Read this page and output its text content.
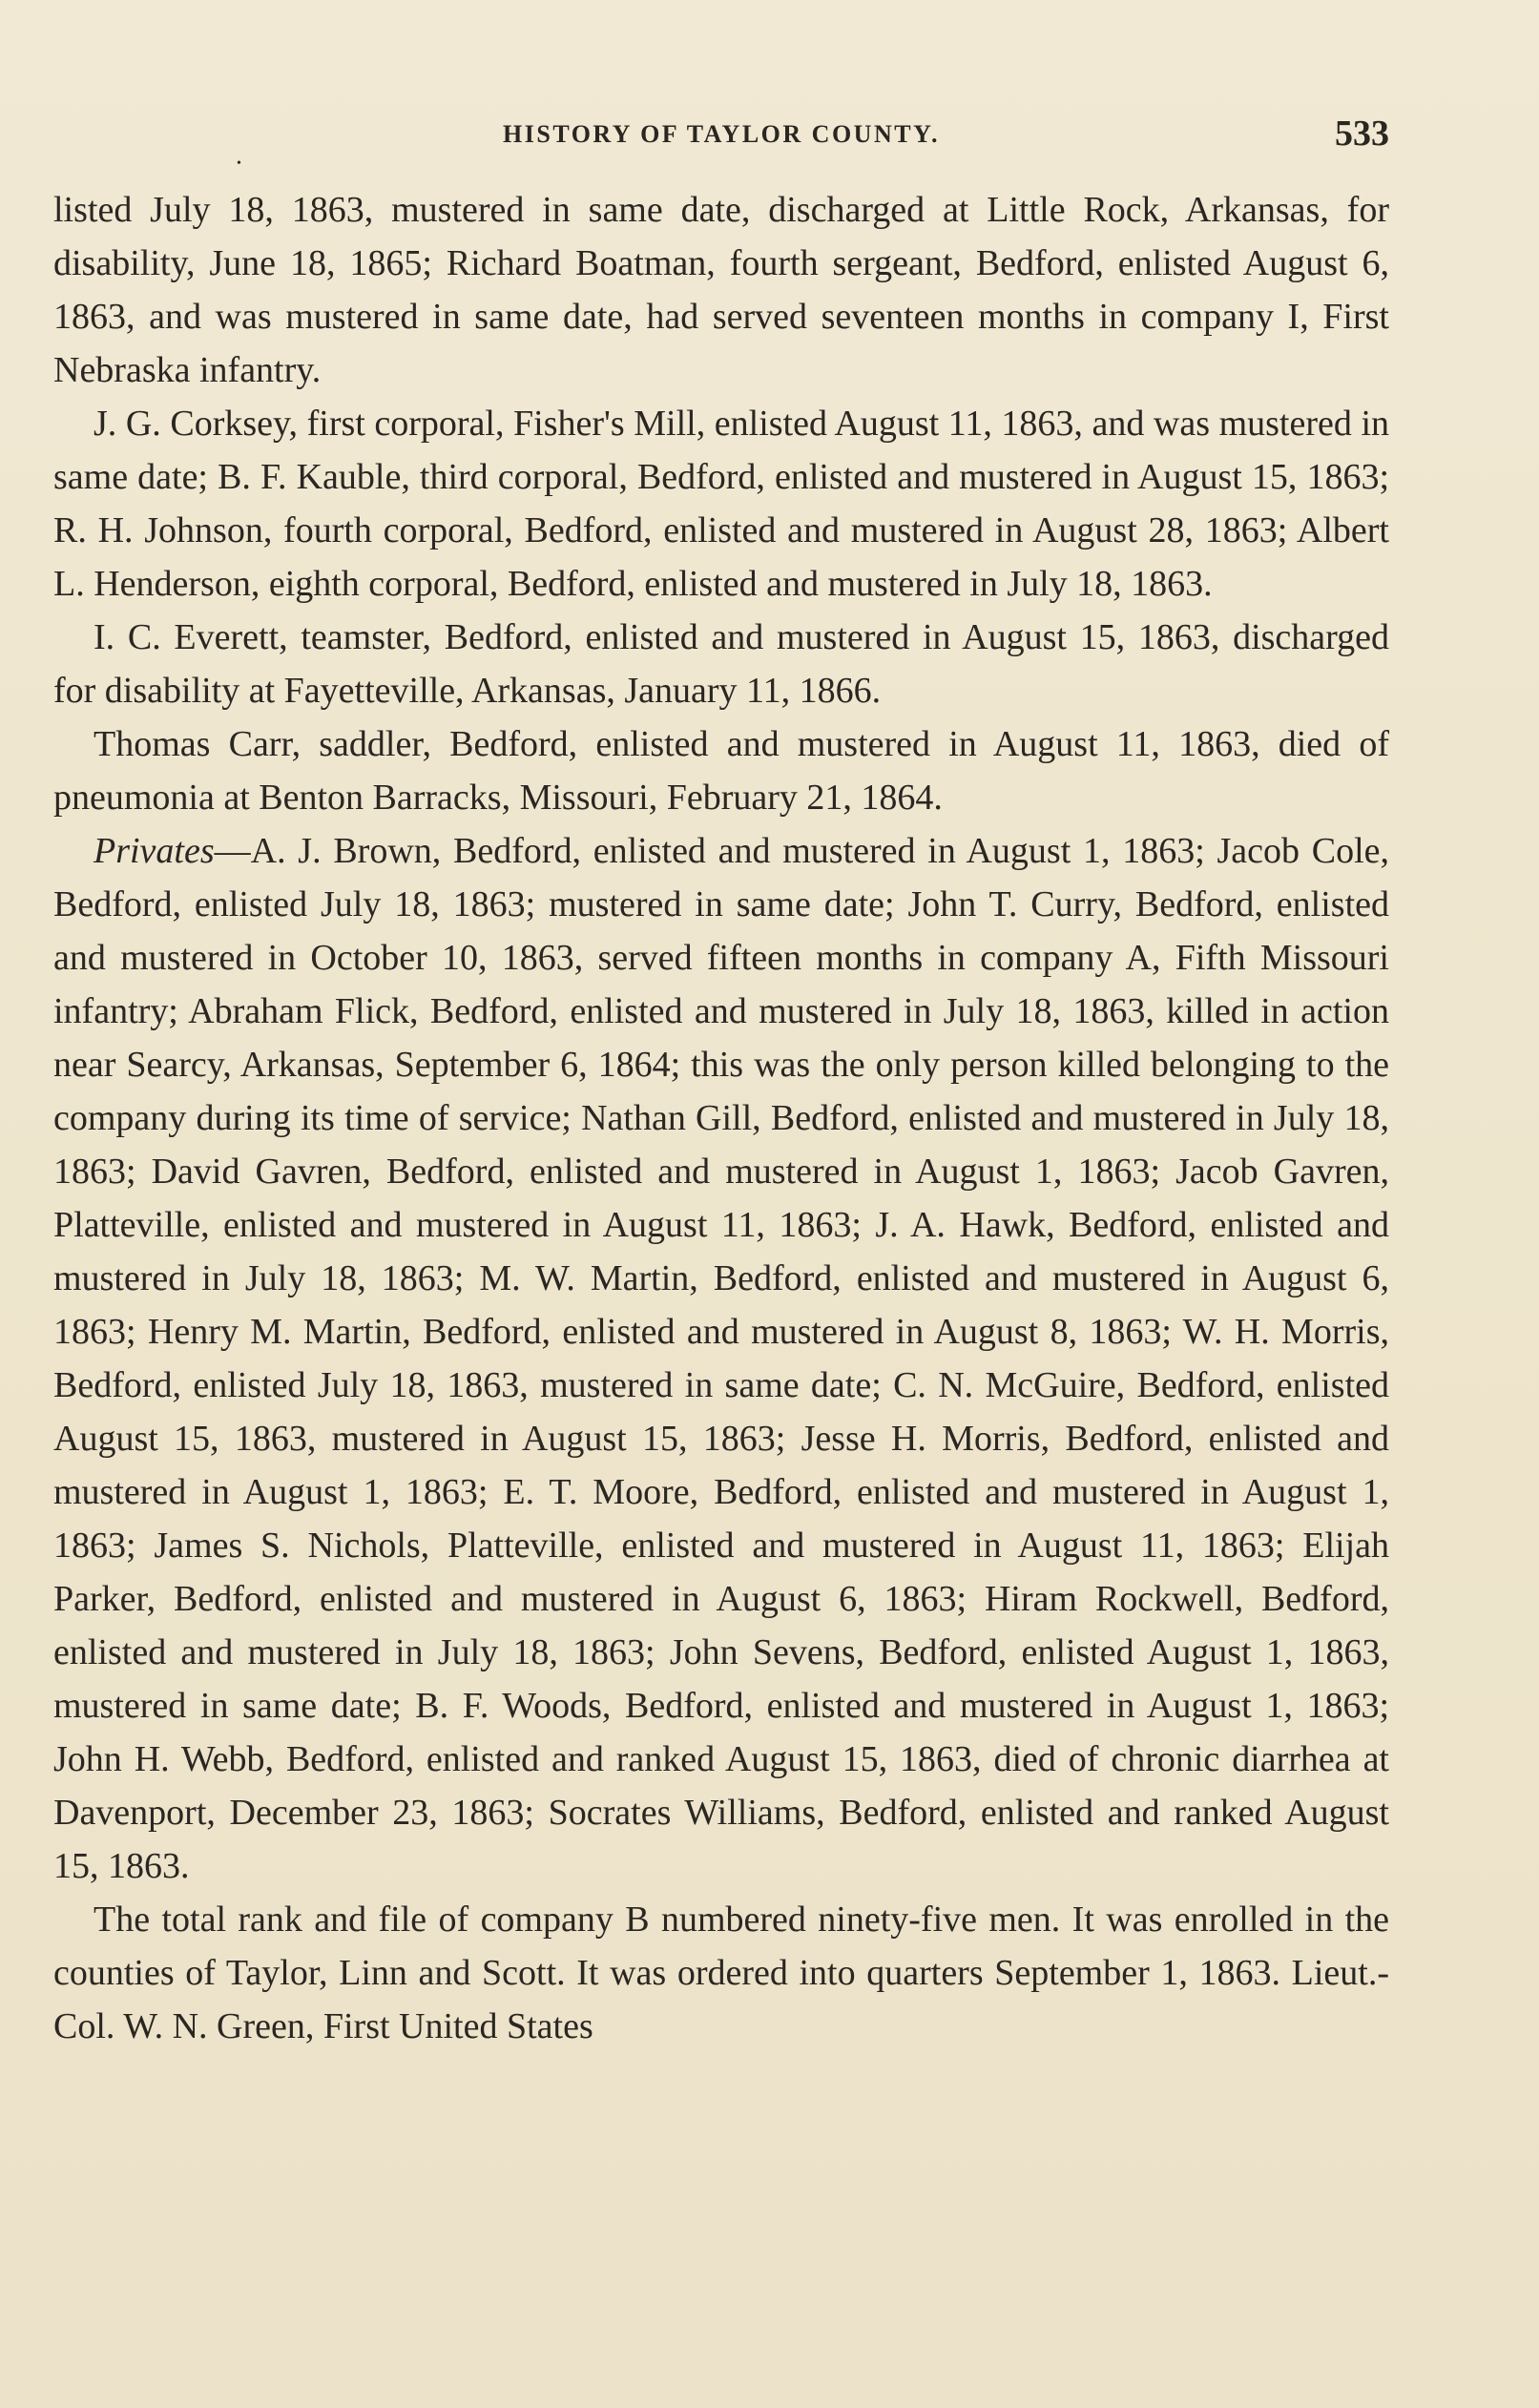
HISTORY OF TAYLOR COUNTY.	533
•

listed July 18, 1863, mustered in same date, discharged at Little Rock, Arkansas, for disability, June 18, 1865; Richard Boatman, fourth sergeant, Bedford, enlisted August 6, 1863, and was mustered in same date, had served seventeen months in company I, First Nebraska infantry.

J. G. Corksey, first corporal, Fisher's Mill, enlisted August 11, 1863, and was mustered in same date; B. F. Kauble, third corporal, Bedford, enlisted and mustered in August 15, 1863; R. H. Johnson, fourth corporal, Bedford, enlisted and mustered in August 28, 1863; Albert L. Henderson, eighth corporal, Bedford, enlisted and mustered in July 18, 1863.

I. C. Everett, teamster, Bedford, enlisted and mustered in August 15, 1863, discharged for disability at Fayetteville, Arkansas, January 11, 1866.

Thomas Carr, saddler, Bedford, enlisted and mustered in August 11, 1863, died of pneumonia at Benton Barracks, Missouri, February 21, 1864.

Privates—A. J. Brown, Bedford, enlisted and mustered in August 1, 1863; Jacob Cole, Bedford, enlisted July 18, 1863; mustered in same date; John T. Curry, Bedford, enlisted and mustered in October 10, 1863, served fifteen months in company A, Fifth Missouri infantry; Abraham Flick, Bedford, enlisted and mustered in July 18, 1863, killed in action near Searcy, Arkansas, September 6, 1864; this was the only person killed belonging to the company during its time of service; Nathan Gill, Bedford, enlisted and mustered in July 18, 1863; David Gavren, Bedford, enlisted and mustered in August 1, 1863; Jacob Gavren, Platteville, enlisted and mustered in August 11, 1863; J. A. Hawk, Bedford, enlisted and mustered in July 18, 1863; M. W. Martin, Bedford, enlisted and mustered in August 6, 1863; Henry M. Martin, Bedford, enlisted and mustered in August 8, 1863; W. H. Morris, Bedford, enlisted July 18, 1863, mustered in same date; C. N. McGuire, Bedford, enlisted August 15, 1863, mustered in August 15, 1863; Jesse H. Morris, Bedford, enlisted and mustered in August 1, 1863; E. T. Moore, Bedford, enlisted and mustered in August 1, 1863; James S. Nichols, Platteville, enlisted and mustered in August 11, 1863; Elijah Parker, Bedford, enlisted and mustered in August 6, 1863; Hiram Rockwell, Bedford, enlisted and mustered in July 18, 1863; John Sevens, Bedford, enlisted August 1, 1863, mustered in same date; B. F. Woods, Bedford, enlisted and mustered in August 1, 1863; John H. Webb, Bedford, enlisted and ranked August 15, 1863, died of chronic diarrhea at Davenport, December 23, 1863; Socrates Williams, Bedford, enlisted and ranked August 15, 1863.

The total rank and file of company B numbered ninety-five men. It was enrolled in the counties of Taylor, Linn and Scott. It was ordered into quarters September 1, 1863. Lieut.-Col. W. N. Green, First United States
